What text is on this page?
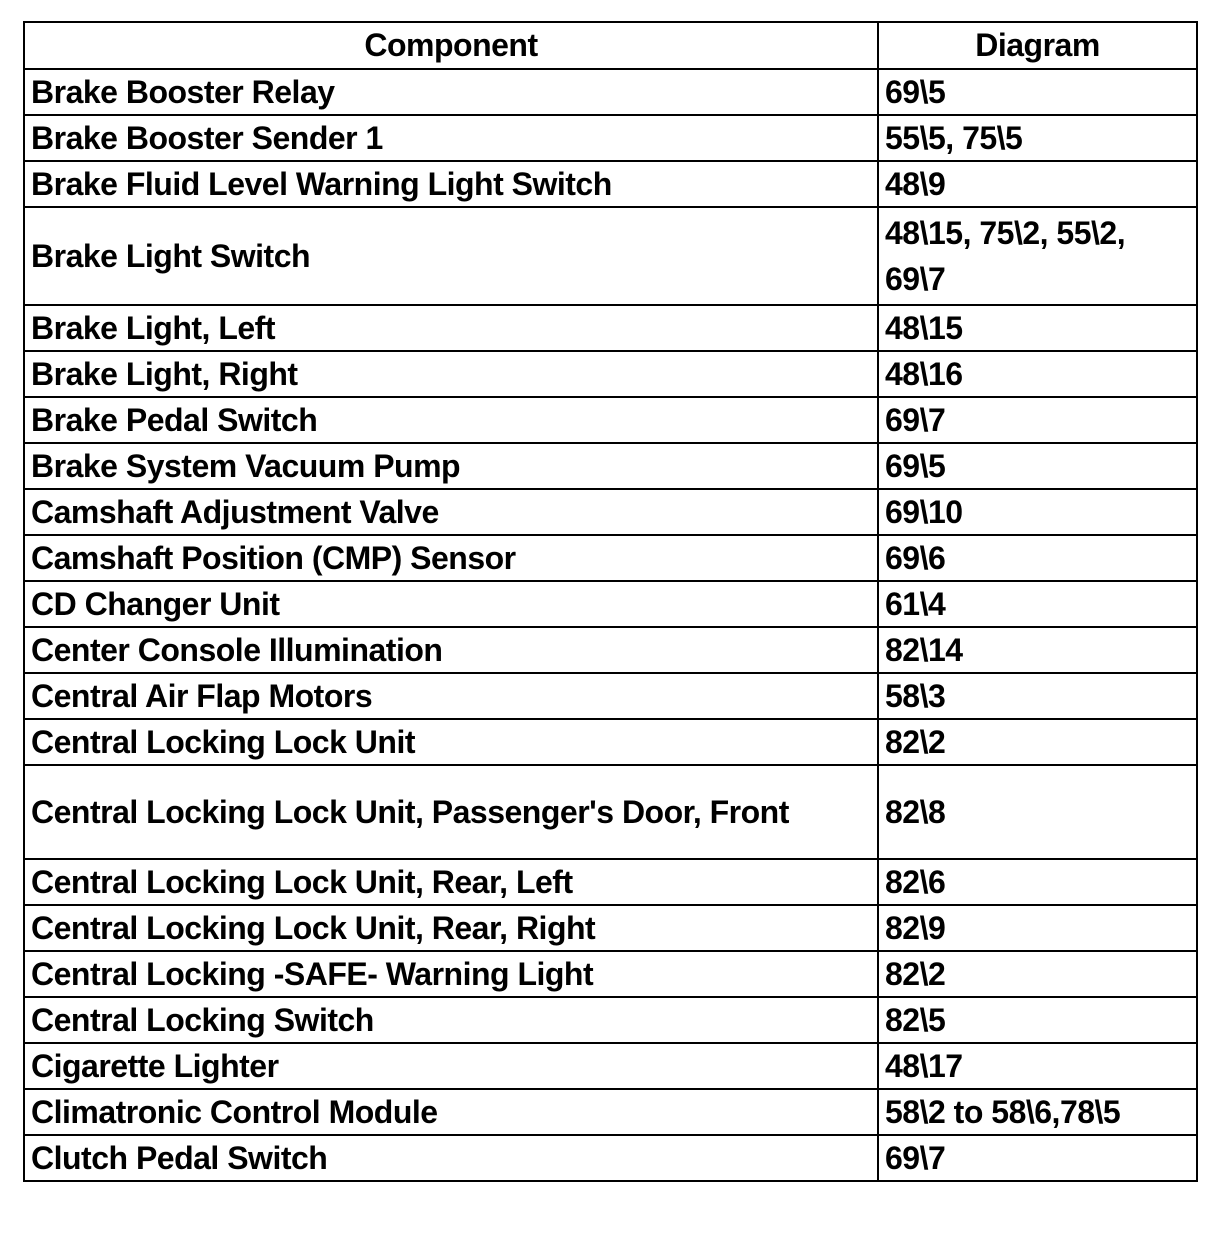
Component	Diagram
Brake Booster Relay	69\5
Brake Booster Sender 1	55\5, 75\5
Brake Fluid Level Warning Light Switch	48\9
Brake Light Switch	48\15, 75\2, 55\2, 69\7
Brake Light, Left	48\15
Brake Light, Right	48\16
Brake Pedal Switch	69\7
Brake System Vacuum Pump	69\5
Camshaft Adjustment Valve	69\10
Camshaft Position (CMP) Sensor	69\6
CD Changer Unit	61\4
Center Console Illumination	82\14
Central Air Flap Motors	58\3
Central Locking Lock Unit	82\2
Central Locking Lock Unit, Passenger's Door, Front	82\8
Central Locking Lock Unit, Rear, Left	82\6
Central Locking Lock Unit, Rear, Right	82\9
Central Locking -SAFE- Warning Light	82\2
Central Locking Switch	82\5
Cigarette Lighter	48\17
Climatronic Control Module	58\2 to 58\6,78\5
Clutch Pedal Switch	69\7
